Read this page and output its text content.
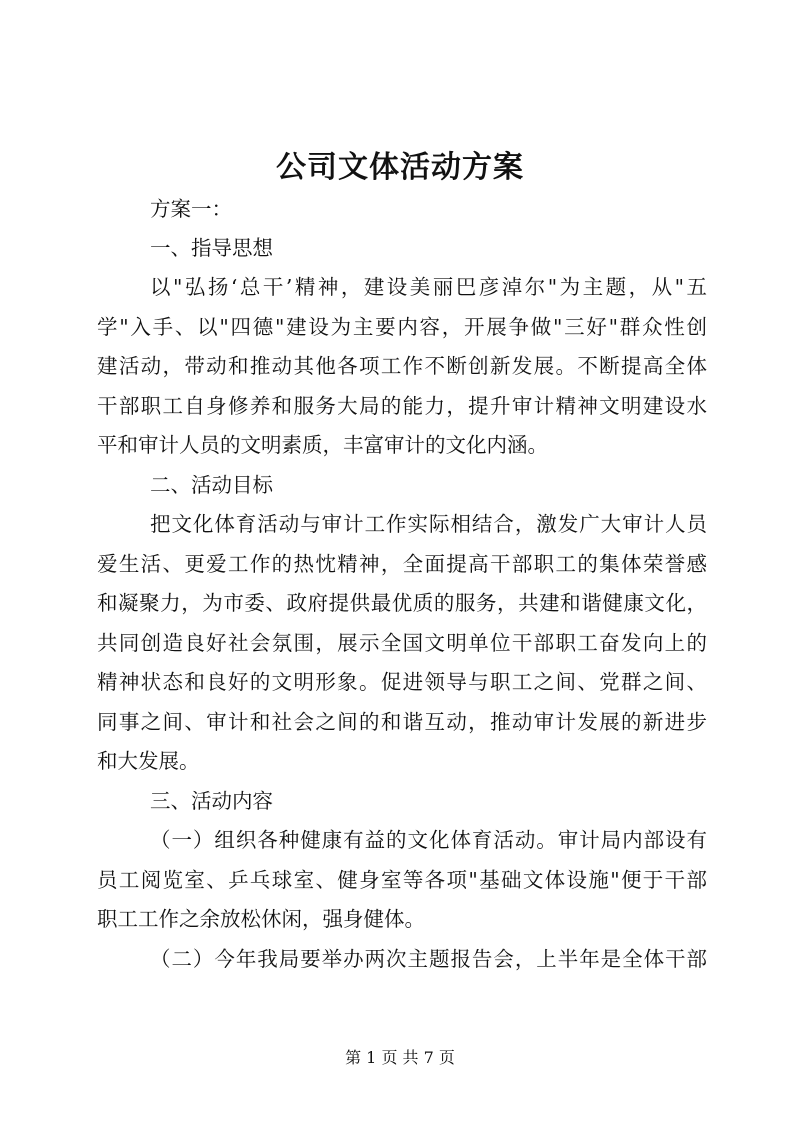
公司文体活动方案

方案一：

一、指导思想

以"弘扬‘总干’精神，建设美丽巴彦淖尔"为主题，从"五

学"入手、以"四德"建设为主要内容，开展争做"三好"群众性创

建活动，带动和推动其他各项工作不断创新发展。不断提高全体

干部职工自身修养和服务大局的能力，提升审计精神文明建设水

平和审计人员的文明素质，丰富审计的文化内涵。

二、活动目标

把文化体育活动与审计工作实际相结合，激发广大审计人员

爱生活、更爱工作的热忱精神，全面提高干部职工的集体荣誉感

和凝聚力，为市委、政府提供最优质的服务，共建和谐健康文化，

共同创造良好社会氛围，展示全国文明单位干部职工奋发向上的

精神状态和良好的文明形象。促进领导与职工之间、党群之间、

同事之间、审计和社会之间的和谐互动，推动审计发展的新进步

和大发展。

三、活动内容

（一）组织各种健康有益的文化体育活动。审计局内部设有

员工阅览室、乒乓球室、健身室等各项"基础文体设施"便于干部

职工工作之余放松休闲，强身健体。

（二）今年我局要举办两次主题报告会，上半年是全体干部

第 1 页 共 7 页
